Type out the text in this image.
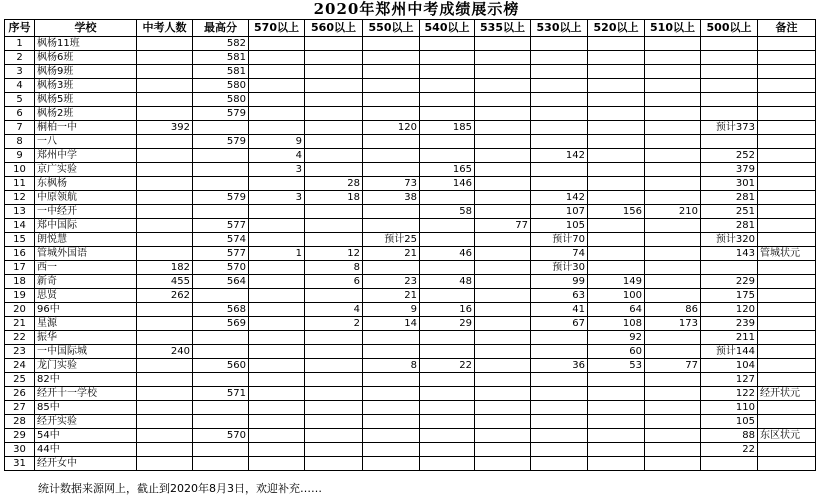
2020年郑州中考成绩展示榜
序号	学校	中考人数	最高分	570以上	560以上	550以上	540以上	535以上	530以上	520以上	510以上	500以上	备注
1	枫杨11班		582										
2	枫杨6班		581										
3	枫杨9班		581										
4	枫杨3班		580										
5	枫杨5班		580										
6	枫杨2班		579										
7	桐柏一中	392				120	185					预计373	
8	一八		579	9									
9	郑州中学			4					142			252	
10	京广实验			3			165					379	
11	东枫杨				28	73	146					301	
12	中原领航		579	3	18	38			142			281	
13	一中经开						58		107	156	210	251	
14	郑中国际		577					77	105			281	
15	朗悦慧		574			预计25			预计70			预计320	
16	管城外国语		577	1	12	21	46		74			143	管城状元
17	西一	182	570		8				预计30				
18	新奇	455	564		6	23	48		99	149		229	
19	思贤	262				21			63	100		175	
20	96中		568		4	9	16		41	64	86	120	
21	星源		569		2	14	29		67	108	173	239	
22	振华									92		211	
23	一中国际城	240								60		预计144	
24	龙门实验		560			8	22		36	53	77	104	
25	82中											127	
26	经开十一学校		571									122	经开状元
27	85中											110	
28	经开实验											105	
29	54中		570									88	东区状元
30	44中											22	
31	经开女中												
统计数据来源网上，截止到2020年8月3日，欢迎补充……
